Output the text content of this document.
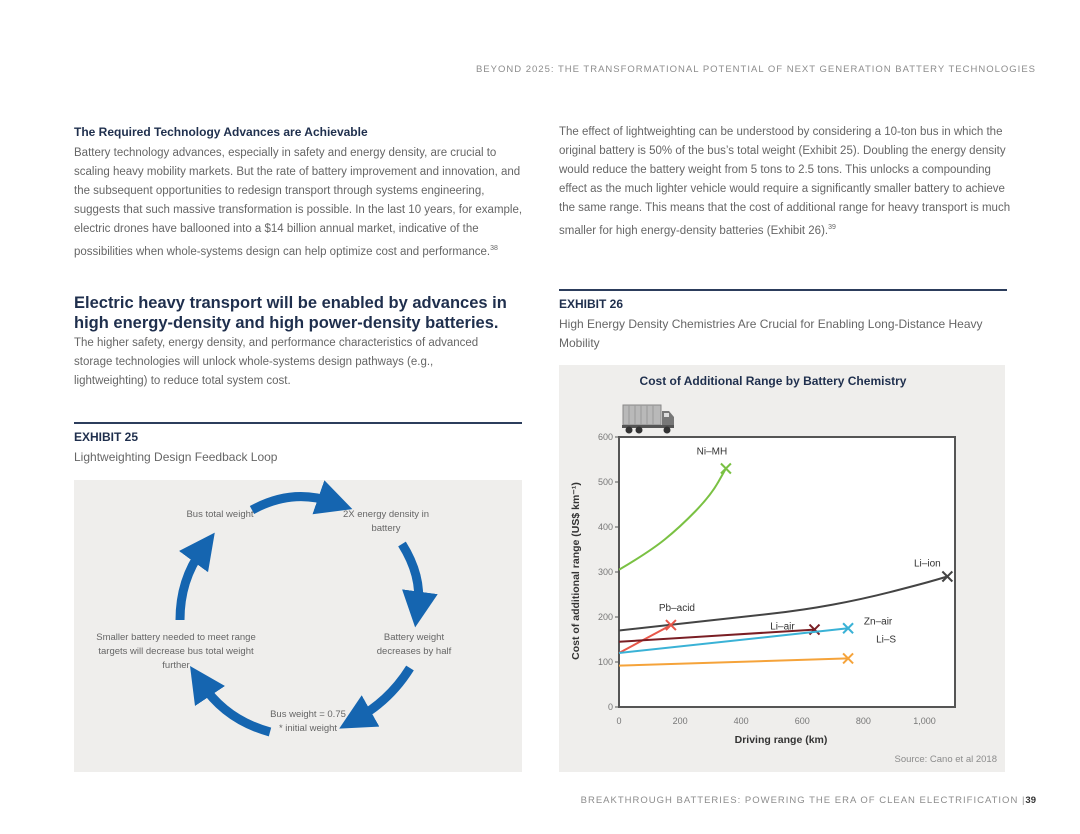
BEYOND 2025: THE TRANSFORMATIONAL POTENTIAL OF NEXT GENERATION BATTERY TECHNOLOGIES
The Required Technology Advances are Achievable
Battery technology advances, especially in safety and energy density, are crucial to scaling heavy mobility markets. But the rate of battery improvement and innovation, and the subsequent opportunities to redesign transport through systems engineering, suggests that such massive transformation is possible. In the last 10 years, for example, electric drones have ballooned into a $14 billion annual market, indicative of the possibilities when whole-systems design can help optimize cost and performance.$^{38}$
Electric heavy transport will be enabled by advances in high energy-density and high power-density batteries.
The higher safety, energy density, and performance characteristics of advanced storage technologies will unlock whole-systems design pathways (e.g., lightweighting) to reduce total system cost.
The effect of lightweighting can be understood by considering a 10-ton bus in which the original battery is 50% of the bus’s total weight (Exhibit 25). Doubling the energy density would reduce the battery weight from 5 tons to 2.5 tons. This unlocks a compounding effect as the much lighter vehicle would require a significantly smaller battery to achieve the same range. This means that the cost of additional range for heavy transport is much smaller for high energy-density batteries (Exhibit 26).$^{39}$
EXHIBIT 25
Lightweighting Design Feedback Loop
Bus total weight	2X energy density in battery
Battery weight decreases by half
Bus weight = 0.75 * initial weight
Smaller battery needed to meet range targets will decrease bus total weight further
EXHIBIT 26
High Energy Density Chemistries Are Crucial for Enabling Long-Distance Heavy Mobility
Cost of Additional Range by Battery Chemistry
0
100
200
300
400
500
600
0	200	400	600	800	1,000
Ni–MH
Li–ion
Pb–acid
Li–air	Zn–air
Li–S
Cost of additional range (US$ km⁻¹)
Driving range (km)
Source: Cano et al 2018
BREAKTHROUGH BATTERIES: POWERING THE ERA OF CLEAN ELECTRIFICATION |39
